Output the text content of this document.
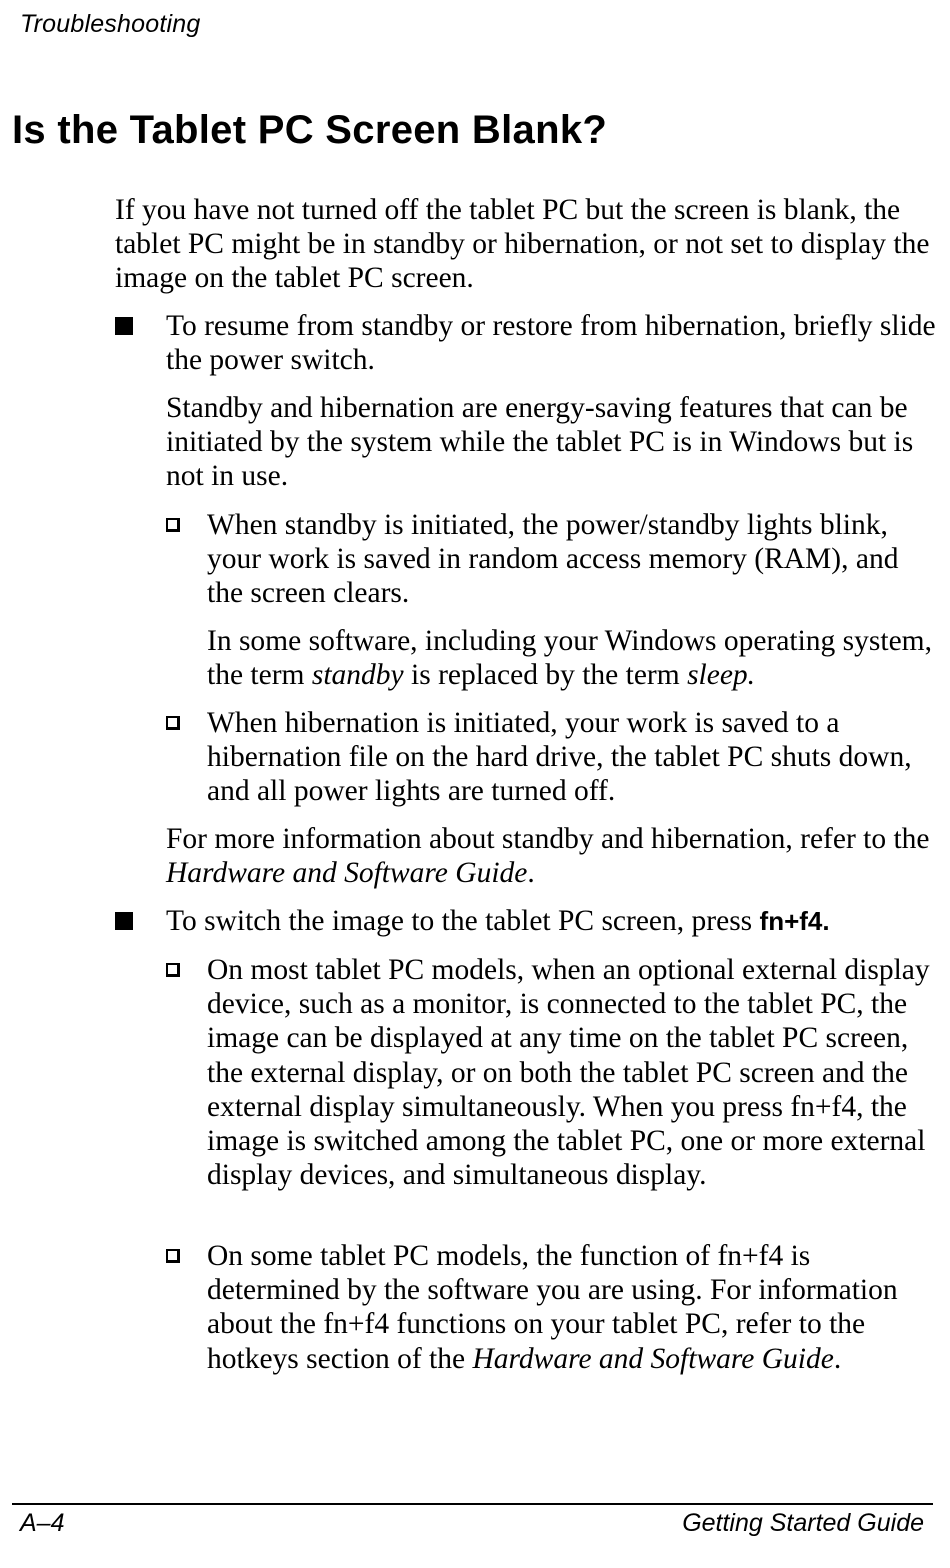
Troubleshooting
Is the Tablet PC Screen Blank?

If you have not turned off the tablet PC but the screen is blank, the tablet PC might be in standby or hibernation, or not set to display the image on the tablet PC screen.

To resume from standby or restore from hibernation, briefly slide the power switch.

Standby and hibernation are energy-saving features that can be initiated by the system while the tablet PC is in Windows but is not in use.

When standby is initiated, the power/standby lights blink, your work is saved in random access memory (RAM), and the screen clears.

In some software, including your Windows operating system, the term standby is replaced by the term sleep.

When hibernation is initiated, your work is saved to a hibernation file on the hard drive, the tablet PC shuts down, and all power lights are turned off.

For more information about standby and hibernation, refer to the Hardware and Software Guide.

To switch the image to the tablet PC screen, press fn+f4.

On most tablet PC models, when an optional external display device, such as a monitor, is connected to the tablet PC, the image can be displayed at any time on the tablet PC screen, the external display, or on both the tablet PC screen and the external display simultaneously. When you press fn+f4, the image is switched among the tablet PC, one or more external display devices, and simultaneous display.

On some tablet PC models, the function of fn+f4 is determined by the software you are using. For information about the fn+f4 functions on your tablet PC, refer to the hotkeys section of the Hardware and Software Guide.

A–4	Getting Started Guide
